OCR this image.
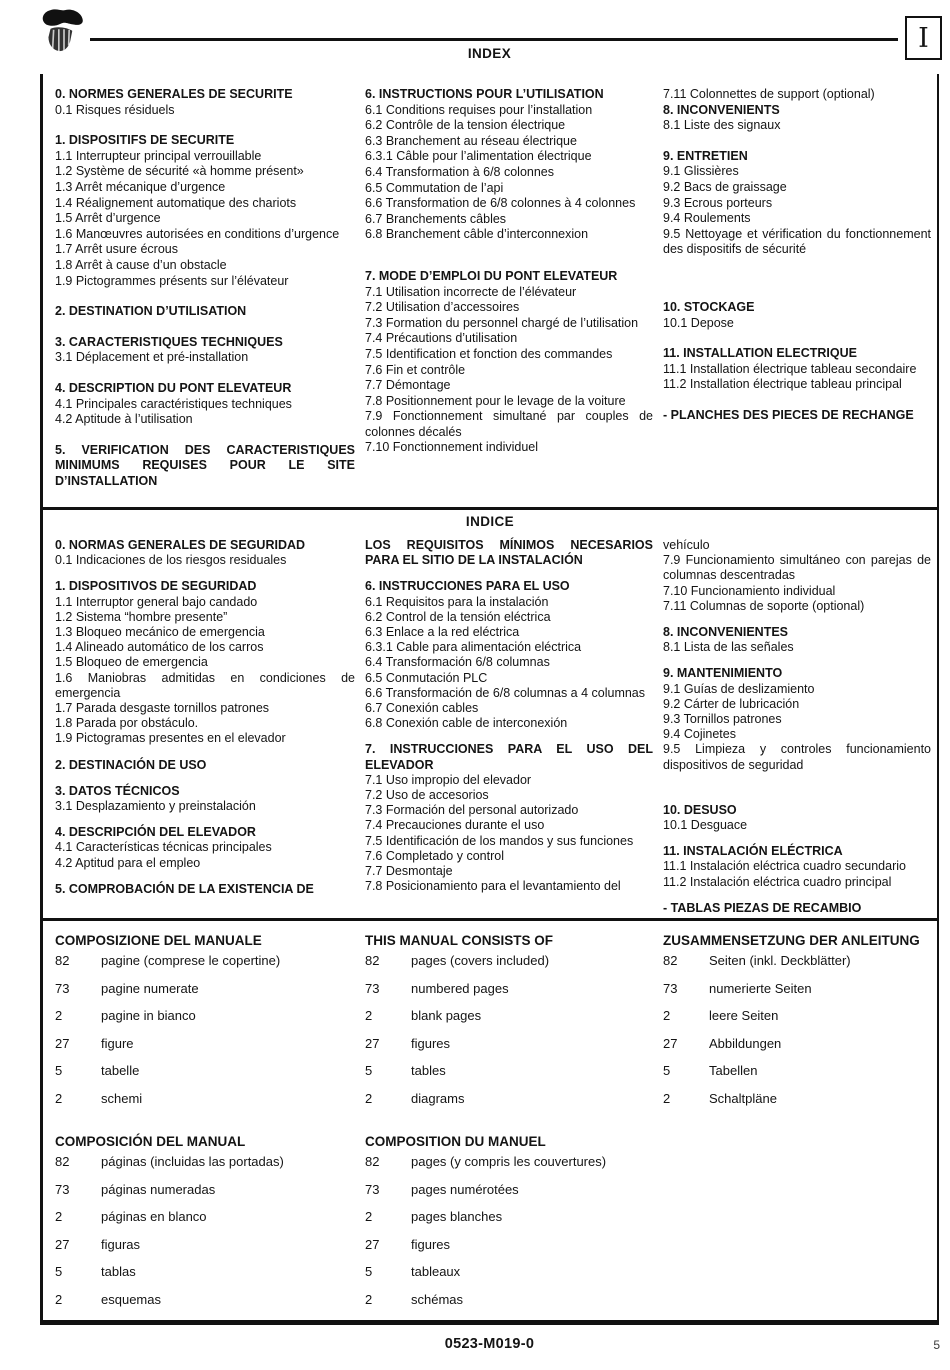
I
INDEX
0. NORMES GENERALES DE SECURITE
0.1 Risques résiduels
1. DISPOSITIFS DE SECURITE
1.1 Interrupteur principal verrouillable
1.2 Système de sécurité «à homme présent»
1.3 Arrêt mécanique d’urgence
1.4 Réalignement automatique des chariots
1.5 Arrêt d’urgence
1.6 Manœuvres autorisées en conditions d’urgence
1.7 Arrêt usure écrous
1.8 Arrêt à cause d’un obstacle
1.9 Pictogrammes présents sur l’élévateur
2. DESTINATION D’UTILISATION
3. CARACTERISTIQUES TECHNIQUES
3.1 Déplacement et pré-installation
4. DESCRIPTION DU PONT ELEVATEUR
4.1 Principales caractéristiques techniques
4.2 Aptitude à l’utilisation
5. VERIFICATION DES CARACTERISTIQUES MINIMUMS REQUISES POUR LE SITE D’INSTALLATION
6. INSTRUCTIONS POUR L’UTILISATION
6.1 Conditions requises pour l’installation
6.2 Contrôle de la tension électrique
6.3 Branchement au réseau électrique
6.3.1 Câble pour l’alimentation électrique
6.4 Transformation à 6/8 colonnes
6.5 Commutation de l’api
6.6 Transformation de 6/8 colonnes à 4 colonnes
6.7 Branchements câbles
6.8 Branchement câble d’interconnexion
7. MODE D’EMPLOI DU PONT ELEVATEUR
7.1 Utilisation incorrecte de l’élévateur
7.2 Utilisation d’accessoires
7.3 Formation du personnel chargé de l’utilisation
7.4 Précautions d’utilisation
7.5 Identification et fonction des commandes
7.6 Fin et contrôle
7.7 Démontage
7.8 Positionnement pour le levage de la voiture
7.9 Fonctionnement simultané par couples de colonnes décalés
7.10 Fonctionnement individuel
7.11 Colonnettes de support (optional)
8. INCONVENIENTS
8.1 Liste des signaux
9. ENTRETIEN
9.1 Glissières
9.2 Bacs de graissage
9.3 Ecrous porteurs
9.4 Roulements
9.5 Nettoyage et vérification du fonctionnement des dispositifs de sécurité
10. STOCKAGE
10.1 Depose
11. INSTALLATION ELECTRIQUE
11.1 Installation électrique tableau secondaire
11.2 Installation électrique tableau principal
- PLANCHES DES PIECES DE RECHANGE
INDICE
0. NORMAS GENERALES DE SEGURIDAD
0.1 Indicaciones de los riesgos residuales
1. DISPOSITIVOS DE SEGURIDAD
1.1 Interruptor general bajo candado
1.2 Sistema “hombre presente”
1.3 Bloqueo mecánico de emergencia
1.4 Alineado automático de los carros
1.5 Bloqueo de emergencia
1.6 Maniobras admitidas en condiciones de emergencia
1.7 Parada desgaste tornillos patrones
1.8 Parada por obstáculo.
1.9 Pictogramas presentes en el elevador
2. DESTINACIÓN DE USO
3. DATOS TÉCNICOS
3.1 Desplazamiento y preinstalación
4. DESCRIPCIÓN DEL ELEVADOR
4.1 Características técnicas principales
4.2 Aptitud para el empleo
5. COMPROBACIÓN DE LA EXISTENCIA DE
LOS REQUISITOS MÍNIMOS NECESARIOS PARA EL SITIO DE LA INSTALACIÓN
6. INSTRUCCIONES PARA EL USO
6.1 Requisitos para la instalación
6.2 Control de la tensión eléctrica
6.3 Enlace a la red eléctrica
6.3.1 Cable para alimentación eléctrica
6.4 Transformación 6/8 columnas
6.5 Conmutación PLC
6.6 Transformación de 6/8 columnas a 4 columnas
6.7 Conexión cables
6.8 Conexión cable de interconexión
7. INSTRUCCIONES PARA EL USO DEL ELEVADOR
7.1 Uso impropio del elevador
7.2 Uso de accesorios
7.3 Formación del personal autorizado
7.4 Precauciones durante el uso
7.5 Identificación de los mandos y sus funciones
7.6 Completado y control
7.7 Desmontaje
7.8 Posicionamiento para el levantamiento del
vehículo
7.9 Funcionamiento simultáneo con parejas de columnas descentradas
7.10 Funcionamiento individual
7.11 Columnas de soporte (optional)
8. INCONVENIENTES
8.1 Lista de las señales
9. MANTENIMIENTO
9.1 Guías de deslizamiento
9.2 Cárter de lubricación
9.3 Tornillos patrones
9.4 Cojinetes
9.5 Limpieza y controles funcionamiento dispositivos de seguridad
10. DESUSO
10.1 Desguace
11. INSTALACIÓN ELÉCTRICA
11.1 Instalación eléctrica cuadro secundario
11.2 Instalación eléctrica cuadro principal
- TABLAS PIEZAS DE RECAMBIO
COMPOSIZIONE DEL MANUALE
82	pagine (comprese le copertine)
73	pagine numerate
2	pagine in bianco
27	figure
5	tabelle
2	schemi
THIS MANUAL CONSISTS OF
82	pages (covers included)
73	numbered pages
2	blank pages
27	figures
5	tables
2	diagrams
ZUSAMMENSETZUNG DER ANLEITUNG
82	Seiten (inkl. Deckblätter)
73	numerierte Seiten
2	leere Seiten
27	Abbildungen
5	Tabellen
2	Schaltpläne
COMPOSICIÓN DEL MANUAL
82	páginas (incluidas las portadas)
73	páginas numeradas
2	páginas en blanco
27	figuras
5	tablas
2	esquemas
COMPOSITION DU MANUEL
82	pages (y compris les couvertures)
73	pages numérotées
2	pages blanches
27	figures
5	tableaux
2	schémas
0523-M019-0	5
